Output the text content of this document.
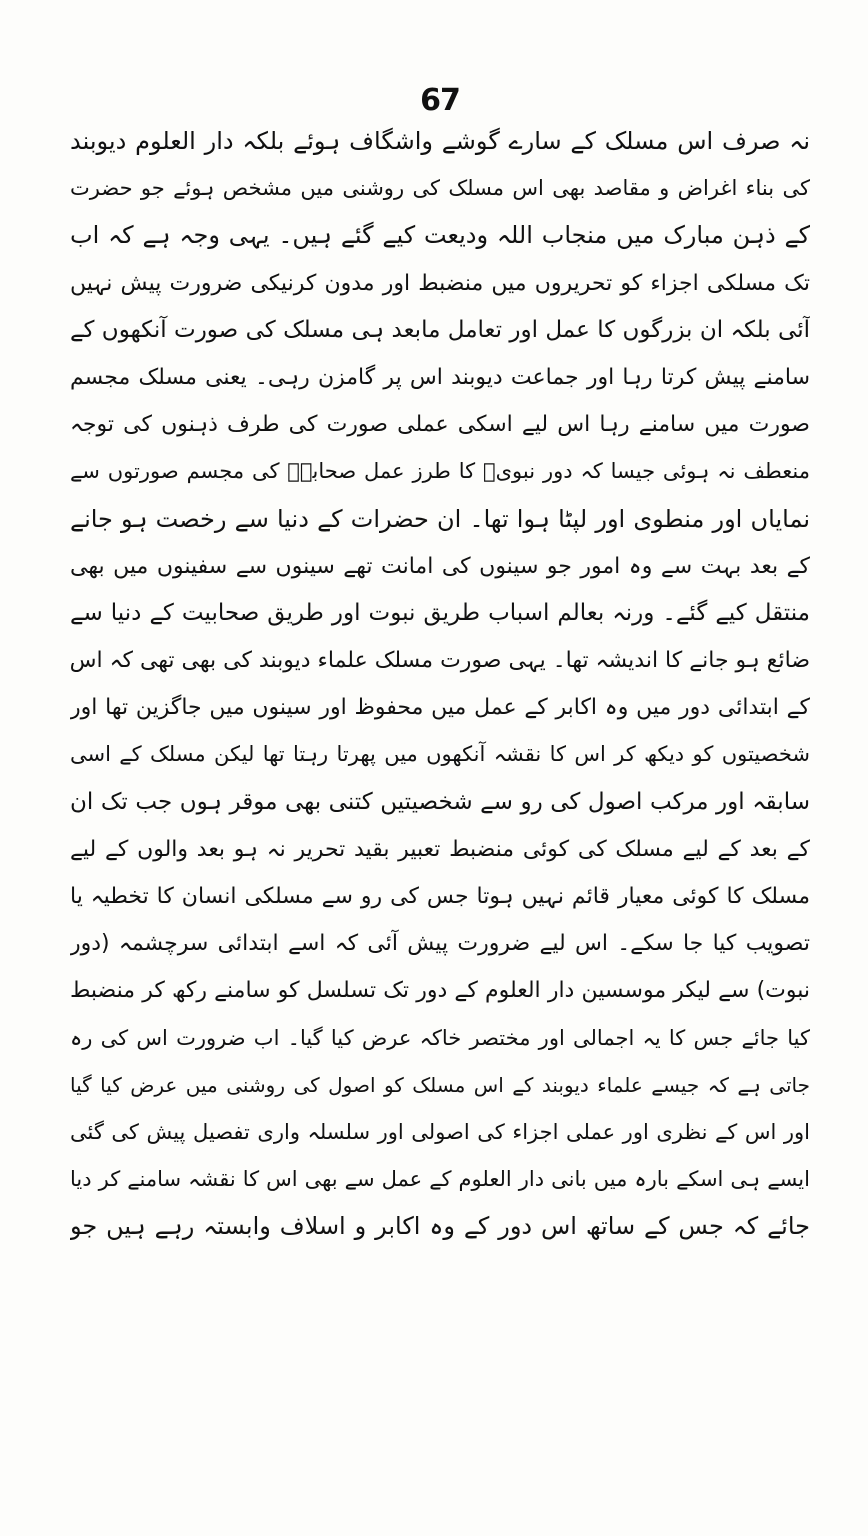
67
نہ صرف اس مسلک کے سارے گوشے واشگاف ہوئے بلکہ دار العلوم دیوبند
کی بناء اغراض و مقاصد بھی اس مسلک کی روشنی میں مشخص ہوئے جو حضرت
کے ذہن مبارک میں منجاب اللہ ودیعت کیے گئے ہیں۔ یہی وجہ ہے کہ اب
تک مسلکی اجزاء کو تحریروں میں منضبط اور مدون کرنیکی ضرورت پیش نہیں
آئی بلکہ ان بزرگوں کا عمل اور تعامل مابعد ہی مسلک کی صورت آنکھوں کے
سامنے پیش کرتا رہا اور جماعت دیوبند اس پر گامزن رہی۔ یعنی مسلک مجسم
صورت میں سامنے رہا اس لیے اسکی عملی صورت کی طرف ذہنوں کی توجہ
منعطف نہ ہوئی جیسا کہ دور نبویؐ کا طرز عمل صحابہؓ کی مجسم صورتوں سے
نمایاں اور منطوی اور لپٹا ہوا تھا۔ ان حضرات کے دنیا سے رخصت ہو جانے
کے بعد بہت سے وہ امور جو سینوں کی امانت تھے سینوں سے سفینوں میں بھی
منتقل کیے گئے۔ ورنہ بعالم اسباب طریق نبوت اور طریق صحابیت کے دنیا سے
ضائع ہو جانے کا اندیشہ تھا۔ یہی صورت مسلک علماء دیوبند کی بھی تھی کہ اس
کے ابتدائی دور میں وہ اکابر کے عمل میں محفوظ اور سینوں میں جاگزین تھا اور
شخصیتوں کو دیکھ کر اس کا نقشہ آنکھوں میں پھرتا رہتا تھا لیکن مسلک کے اسی
سابقہ اور مرکب اصول کی رو سے شخصیتیں کتنی بھی موقر ہوں جب تک ان
کے بعد کے لیے مسلک کی کوئی منضبط تعبیر بقید تحریر نہ ہو بعد والوں کے لیے
مسلک کا کوئی معیار قائم نہیں ہوتا جس کی رو سے مسلکی انسان کا تخطیہ یا
تصویب کیا جا سکے۔ اس لیے ضرورت پیش آئی کہ اسے ابتدائی سرچشمہ (دور
نبوت) سے لیکر موسسین دار العلوم کے دور تک تسلسل کو سامنے رکھ کر منضبط
کیا جائے جس کا یہ اجمالی اور مختصر خاکہ عرض کیا گیا۔ اب ضرورت اس کی رہ
جاتی ہے کہ جیسے علماء دیوبند کے اس مسلک کو اصول کی روشنی میں عرض کیا گیا
اور اس کے نظری اور عملی اجزاء کی اصولی اور سلسلہ واری تفصیل پیش کی گئی
ایسے ہی اسکے بارہ میں بانی دار العلوم کے عمل سے بھی اس کا نقشہ سامنے کر دیا
جائے کہ جس کے ساتھ اس دور کے وہ اکابر و اسلاف وابستہ رہے ہیں جو
